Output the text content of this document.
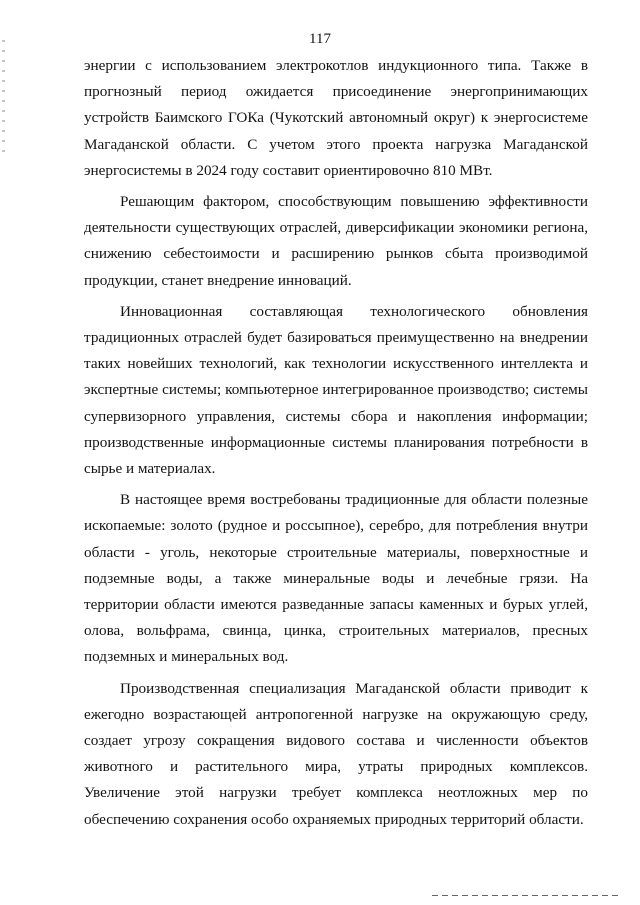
117

энергии с использованием электрокотлов индукционного типа. Также в прогнозный период ожидается присоединение энергопринимающих устройств Баимского ГОКа (Чукотский автономный округ) к энергосистеме Магаданской области. С учетом этого проекта нагрузка Магаданской энергосистемы в 2024 году составит ориентировочно 810 МВт.

Решающим фактором, способствующим повышению эффективности деятельности существующих отраслей, диверсификации экономики региона, снижению себестоимости и расширению рынков сбыта производимой продукции, станет внедрение инноваций.

Инновационная составляющая технологического обновления традиционных отраслей будет базироваться преимущественно на внедрении таких новейших технологий, как технологии искусственного интеллекта и экспертные системы; компьютерное интегрированное производство; системы супервизорного управления, системы сбора и накопления информации; производственные информационные системы планирования потребности в сырье и материалах.

В настоящее время востребованы традиционные для области полезные ископаемые: золото (рудное и россыпное), серебро, для потребления внутри области - уголь, некоторые строительные материалы, поверхностные и подземные воды, а также минеральные воды и лечебные грязи. На территории области имеются разведанные запасы каменных и бурых углей, олова, вольфрама, свинца, цинка, строительных материалов, пресных подземных и минеральных вод.

Производственная специализация Магаданской области приводит к ежегодно возрастающей антропогенной нагрузке на окружающую среду, создает угрозу сокращения видового состава и численности объектов животного и растительного мира, утраты природных комплексов. Увеличение этой нагрузки требует комплекса неотложных мер по обеспечению сохранения особо охраняемых природных территорий области.
